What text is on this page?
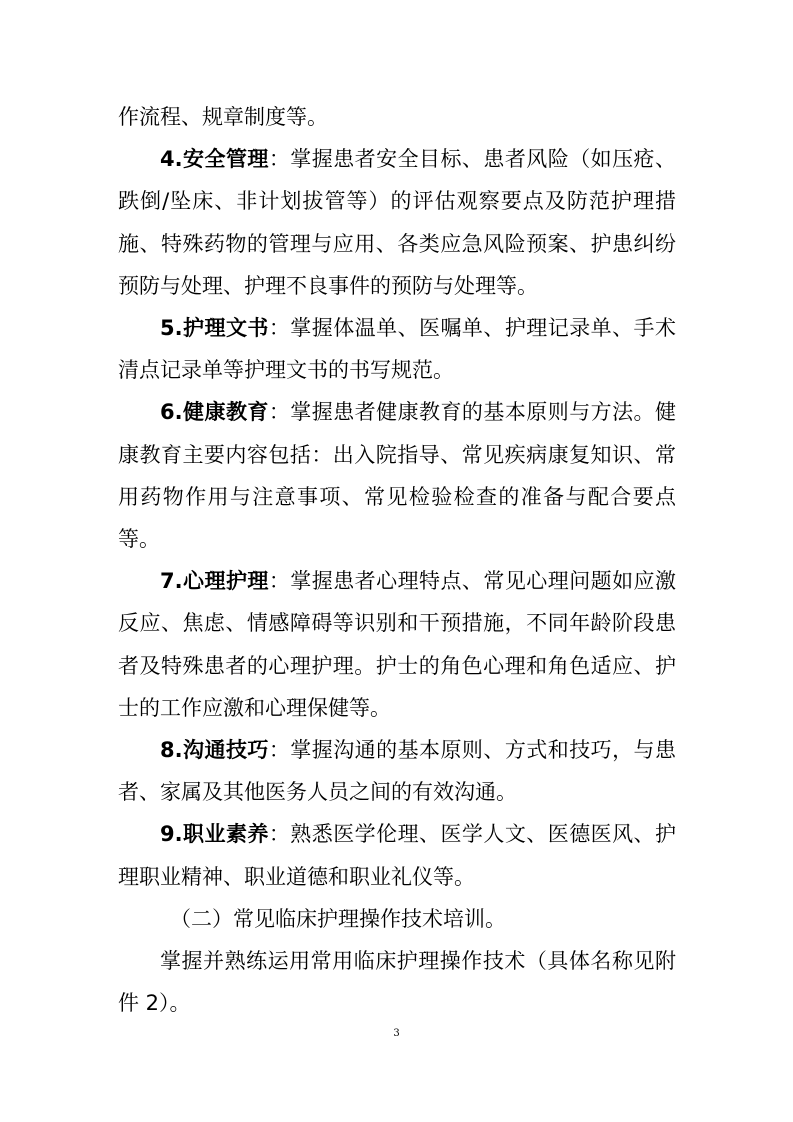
作流程、规章制度等。

4.安全管理：掌握患者安全目标、患者风险（如压疮、跌倒/坠床、非计划拔管等）的评估观察要点及防范护理措施、特殊药物的管理与应用、各类应急风险预案、护患纠纷预防与处理、护理不良事件的预防与处理等。

5.护理文书：掌握体温单、医嘱单、护理记录单、手术清点记录单等护理文书的书写规范。

6.健康教育：掌握患者健康教育的基本原则与方法。健康教育主要内容包括：出入院指导、常见疾病康复知识、常用药物作用与注意事项、常见检验检查的准备与配合要点等。

7.心理护理：掌握患者心理特点、常见心理问题如应激反应、焦虑、情感障碍等识别和干预措施，不同年龄阶段患者及特殊患者的心理护理。护士的角色心理和角色适应、护士的工作应激和心理保健等。

8.沟通技巧：掌握沟通的基本原则、方式和技巧，与患者、家属及其他医务人员之间的有效沟通。

9.职业素养：熟悉医学伦理、医学人文、医德医风、护理职业精神、职业道德和职业礼仪等。

（二）常见临床护理操作技术培训。

掌握并熟练运用常用临床护理操作技术（具体名称见附件 2）。

3
